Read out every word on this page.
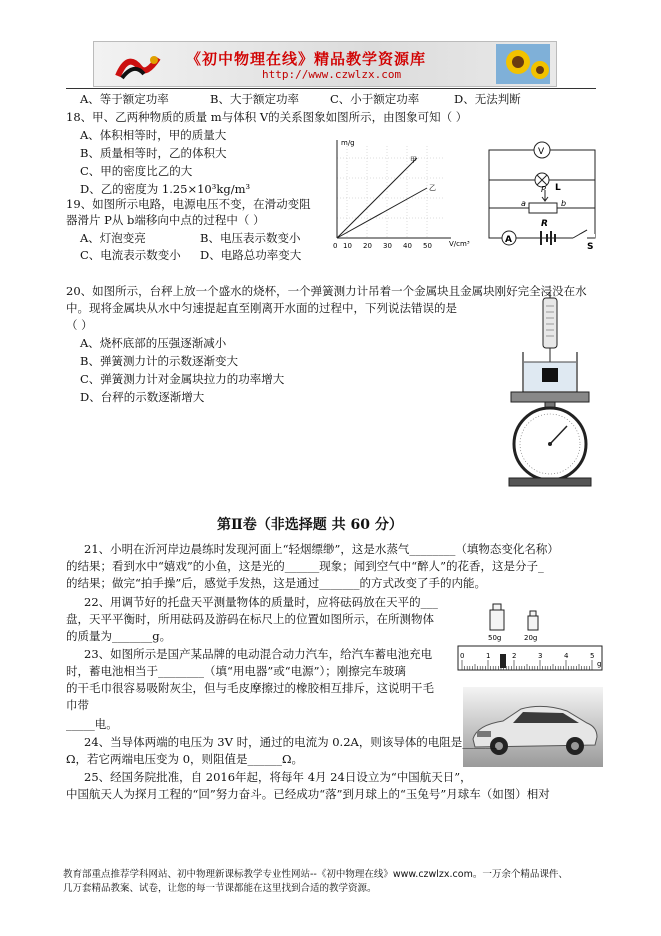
《初中物理在线》精品教学资源库
http://www.czwlzx.com
A、等于额定功率	B、大于额定功率	C、小于额定功率	D、无法判断
18、甲、乙两种物质的质量 m与体积 V的关系图象如图所示，由图象可知（ ）
A、体积相等时，甲的质量大
B、质量相等时，乙的体积大
C、甲的密度比乙的大
D、乙的密度为 1.25×10³kg/m³
m/g
V/cm³
0 10 20 30 40 50
甲
乙
V
L
P
a	b
R
A
S
19、如图所示电路，电源电压不变，在滑动变阻
器滑片 P从 b端移向中点的过程中（ ）
A、灯泡变亮	B、电压表示数变小
C、电流表示数变小 D、电路总功率变大
20、如图所示，台秤上放一个盛水的烧杯，一个弹簧测力计吊着一个金属块且金属块刚好完全浸没在水
中。现将金属块从水中匀速提起直至刚离开水面的过程中，下列说法错误的是
（ ）
A、烧杯底部的压强逐渐减小
B、弹簧测力计的示数逐渐变大
C、弹簧测力计对金属块拉力的功率增大
D、台秤的示数逐渐增大
第Ⅱ卷（非选择题 共 60 分）
21、小明在沂河岸边晨练时发现河面上“轻烟缥缈”，这是水蒸气________（填物态变化名称）
的结果；看到水中“嬉戏”的小鱼，这是光的______现象；闻到空气中“醉人”的花香，这是分子_
的结果；做完“拍手操”后，感觉手发热，这是通过_______的方式改变了手的内能。
22、用调节好的托盘天平测量物体的质量时，应将砝码放在天平的___
盘，天平平衡时，所用砝码及游码在标尺上的位置如图所示，在所测物体
的质量为_______g。	50g	20g
0	1	2	3	4	5
g
23、如图所示是国产某品牌的电动混合动力汽车，给汽车蓄电池充电
时，蓄电池相当于________（填“用电器”或“电源”）；刚擦完车玻璃
的干毛巾很容易吸附灰尘，但与毛皮摩擦过的橡胶相互排斥，这说明干毛
巾带
_____电。
24、当导体两端的电压为 3V 时，通过的电流为 0.2A，则该导体的电阻是______
Ω，若它两端电压变为 0，则阻值是______Ω。
25、经国务院批准，自 2016年起，将每年 4月 24日设立为“中国航天日”，
中国航天人为探月工程的“回”努力奋斗。已经成功“落”到月球上的“玉兔号”月球车（如图）相对
教育部重点推荐学科网站、初中物理新课标教学专业性网站--《初中物理在线》www.czwlzx.com。一万余个精品课件、
几万套精品教案、试卷，让您的每一节课都能在这里找到合适的教学资源。
